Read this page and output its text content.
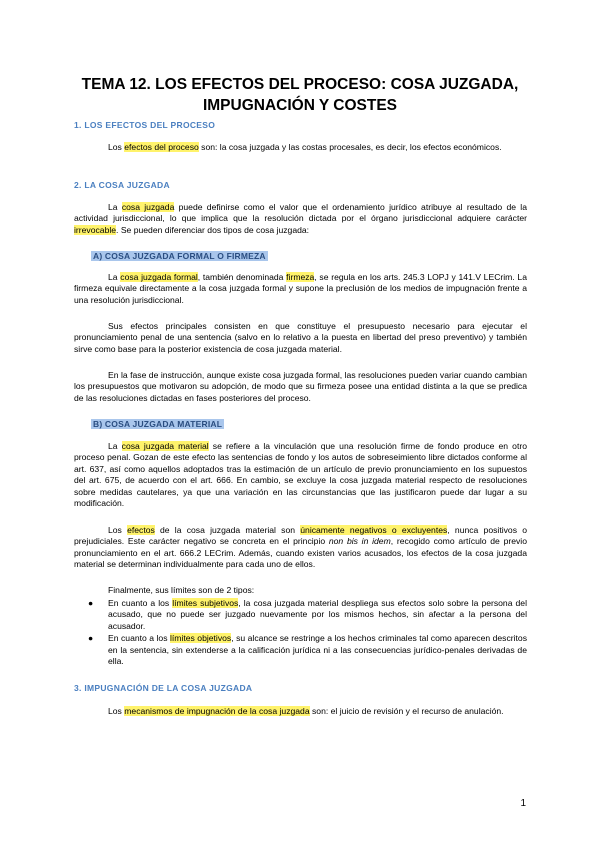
TEMA 12. LOS EFECTOS DEL PROCESO: COSA JUZGADA, IMPUGNACIÓN Y COSTES
1. LOS EFECTOS DEL PROCESO

Los efectos del proceso son: la cosa juzgada y las costas procesales, es decir, los efectos económicos.

2. LA COSA JUZGADA

La cosa juzgada puede definirse como el valor que el ordenamiento jurídico atribuye al resultado de la actividad jurisdiccional, lo que implica que la resolución dictada por el órgano jurisdiccional adquiere carácter irrevocable. Se pueden diferenciar dos tipos de cosa juzgada:

A) COSA JUZGADA FORMAL O FIRMEZA

La cosa juzgada formal, también denominada firmeza, se regula en los arts. 245.3 LOPJ y 141.V LECrim. La firmeza equivale directamente a la cosa juzgada formal y supone la preclusión de los medios de impugnación frente a una resolución jurisdiccional.

Sus efectos principales consisten en que constituye el presupuesto necesario para ejecutar el pronunciamiento penal de una sentencia (salvo en lo relativo a la puesta en libertad del preso preventivo) y también sirve como base para la posterior existencia de cosa juzgada material.

En la fase de instrucción, aunque existe cosa juzgada formal, las resoluciones pueden variar cuando cambian los presupuestos que motivaron su adopción, de modo que su firmeza posee una entidad distinta a la que se predica de las resoluciones dictadas en fases posteriores del proceso.

B) COSA JUZGADA MATERIAL

La cosa juzgada material se refiere a la vinculación que una resolución firme de fondo produce en otro proceso penal. Gozan de este efecto las sentencias de fondo y los autos de sobreseimiento libre dictados conforme al art. 637, así como aquellos adoptados tras la estimación de un artículo de previo pronunciamiento en los supuestos del art. 675, de acuerdo con el art. 666. En cambio, se excluye la cosa juzgada material respecto de resoluciones sobre medidas cautelares, ya que una variación en las circunstancias que las justificaron puede dar lugar a su modificación.

Los efectos de la cosa juzgada material son únicamente negativos o excluyentes, nunca positivos o prejudiciales. Este carácter negativo se concreta en el principio non bis in idem, recogido como artículo de previo pronunciamiento en el art. 666.2 LECrim. Además, cuando existen varios acusados, los efectos de la cosa juzgada material se determinan individualmente para cada uno de ellos.

Finalmente, sus límites son de 2 tipos:

● En cuanto a los límites subjetivos, la cosa juzgada material despliega sus efectos solo sobre la persona del acusado, que no puede ser juzgado nuevamente por los mismos hechos, sin afectar a la persona del acusador.
● En cuanto a los límites objetivos, su alcance se restringe a los hechos criminales tal como aparecen descritos en la sentencia, sin extenderse a la calificación jurídica ni a las consecuencias jurídico-penales derivadas de ella.
3. IMPUGNACIÓN DE LA COSA JUZGADA

Los mecanismos de impugnación de la cosa juzgada son: el juicio de revisión y el recurso de anulación.

1
